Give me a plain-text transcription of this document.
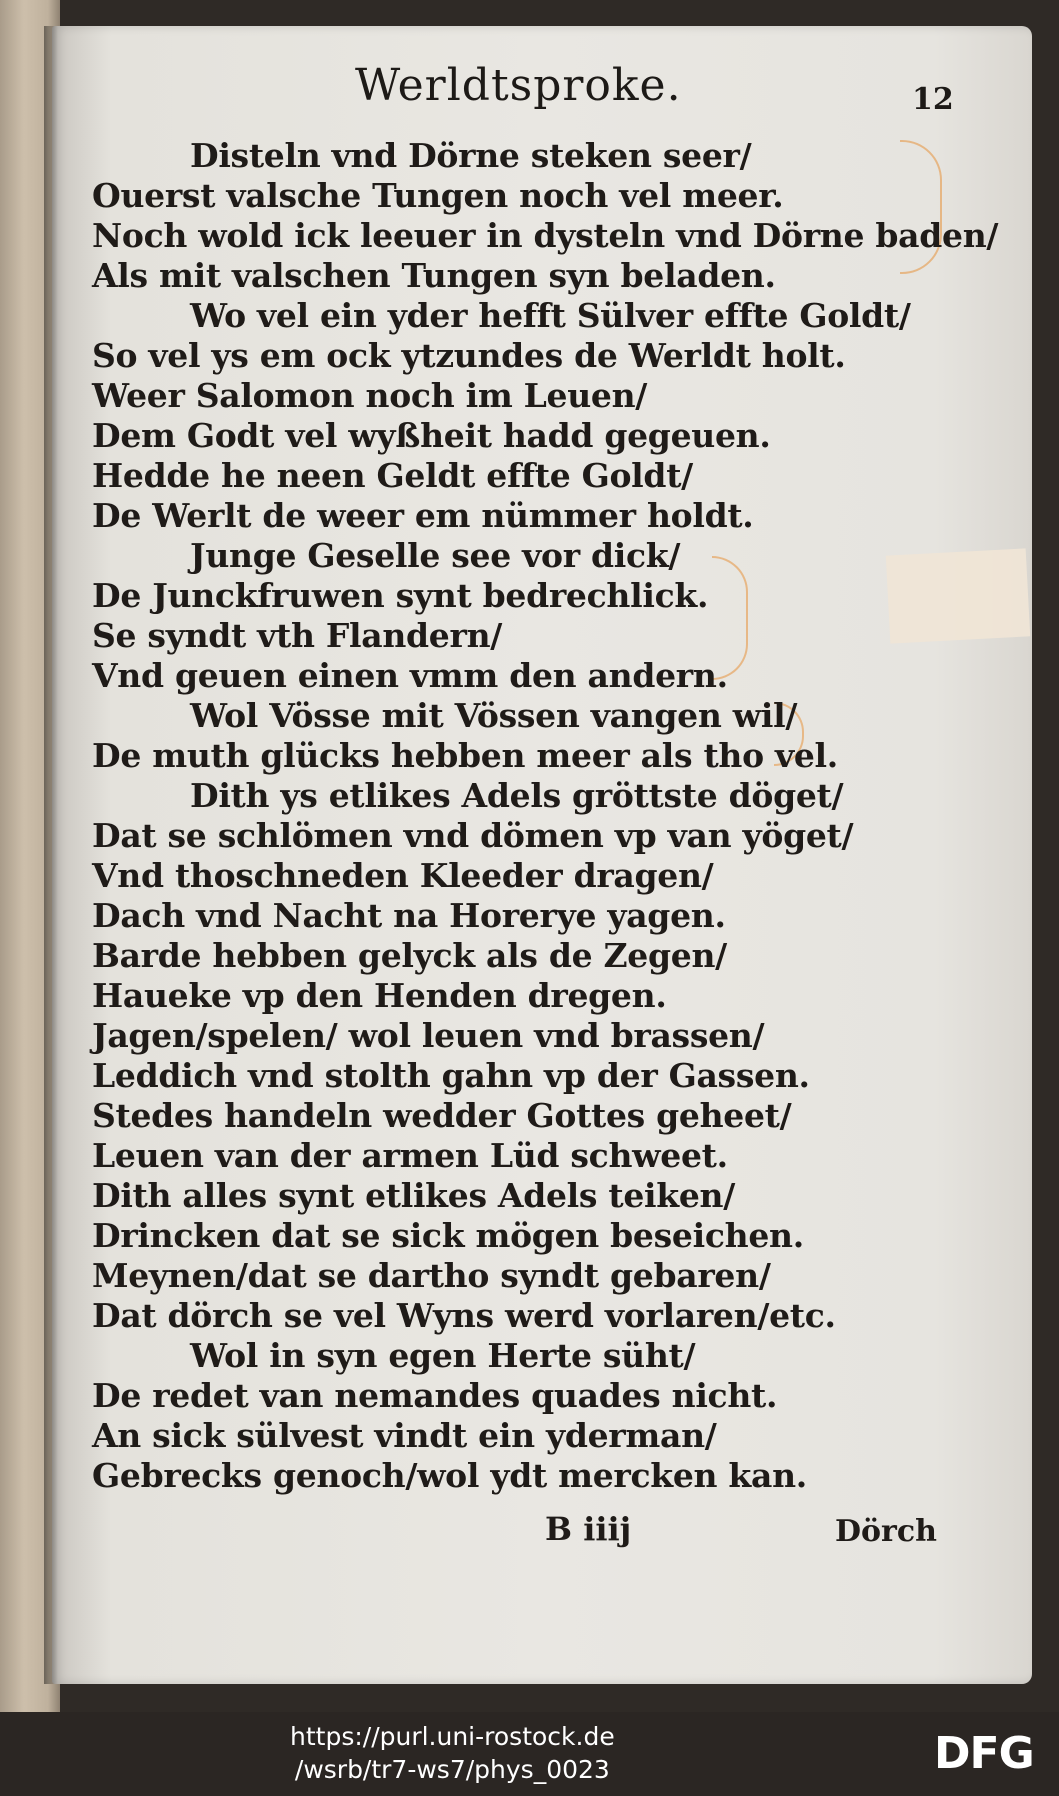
Werldtsproke.	12
Disteln vnd Dörne steken seer/
Ouerst valsche Tungen noch vel meer.
Noch wold ick leeuer in dysteln vnd Dörne baden/
Als mit valschen Tungen syn beladen.
Wo vel ein yder hefft Sülver effte Goldt/
So vel ys em ock ytzundes de Werldt holt.
Weer Salomon noch im Leuen/
Dem Godt vel wyßheit hadd gegeuen.
Hedde he neen Geldt effte Goldt/
De Werlt de weer em nümmer holdt.
Junge Geselle see vor dick/
De Junckfruwen synt bedrechlick.
Se syndt vth Flandern/
Vnd geuen einen vmm den andern.
Wol Vösse mit Vössen vangen wil/
De muth glücks hebben meer als tho vel.
Dith ys etlikes Adels gröttste döget/
Dat se schlömen vnd dömen vp van yöget/
Vnd thoschneden Kleeder dragen/
Dach vnd Nacht na Horerye yagen.
Barde hebben gelyck als de Zegen/
Haueke vp den Henden dregen.
Jagen/spelen/ wol leuen vnd brassen/
Leddich vnd stolth gahn vp der Gassen.
Stedes handeln wedder Gottes geheet/
Leuen van der armen Lüd schweet.
Dith alles synt etlikes Adels teiken/
Drincken dat se sick mögen beseichen.
Meynen/dat se dartho syndt gebaren/
Dat dörch se vel Wyns werd vorlaren/etc.
Wol in syn egen Herte süht/
De redet van nemandes quades nicht.
An sick sülvest vindt ein yderman/
Gebrecks genoch/wol ydt mercken kan.
B iiij	Dörch
https://purl.uni-rostock.de
/wsrb/tr7-ws7/phys_0023	DFG
